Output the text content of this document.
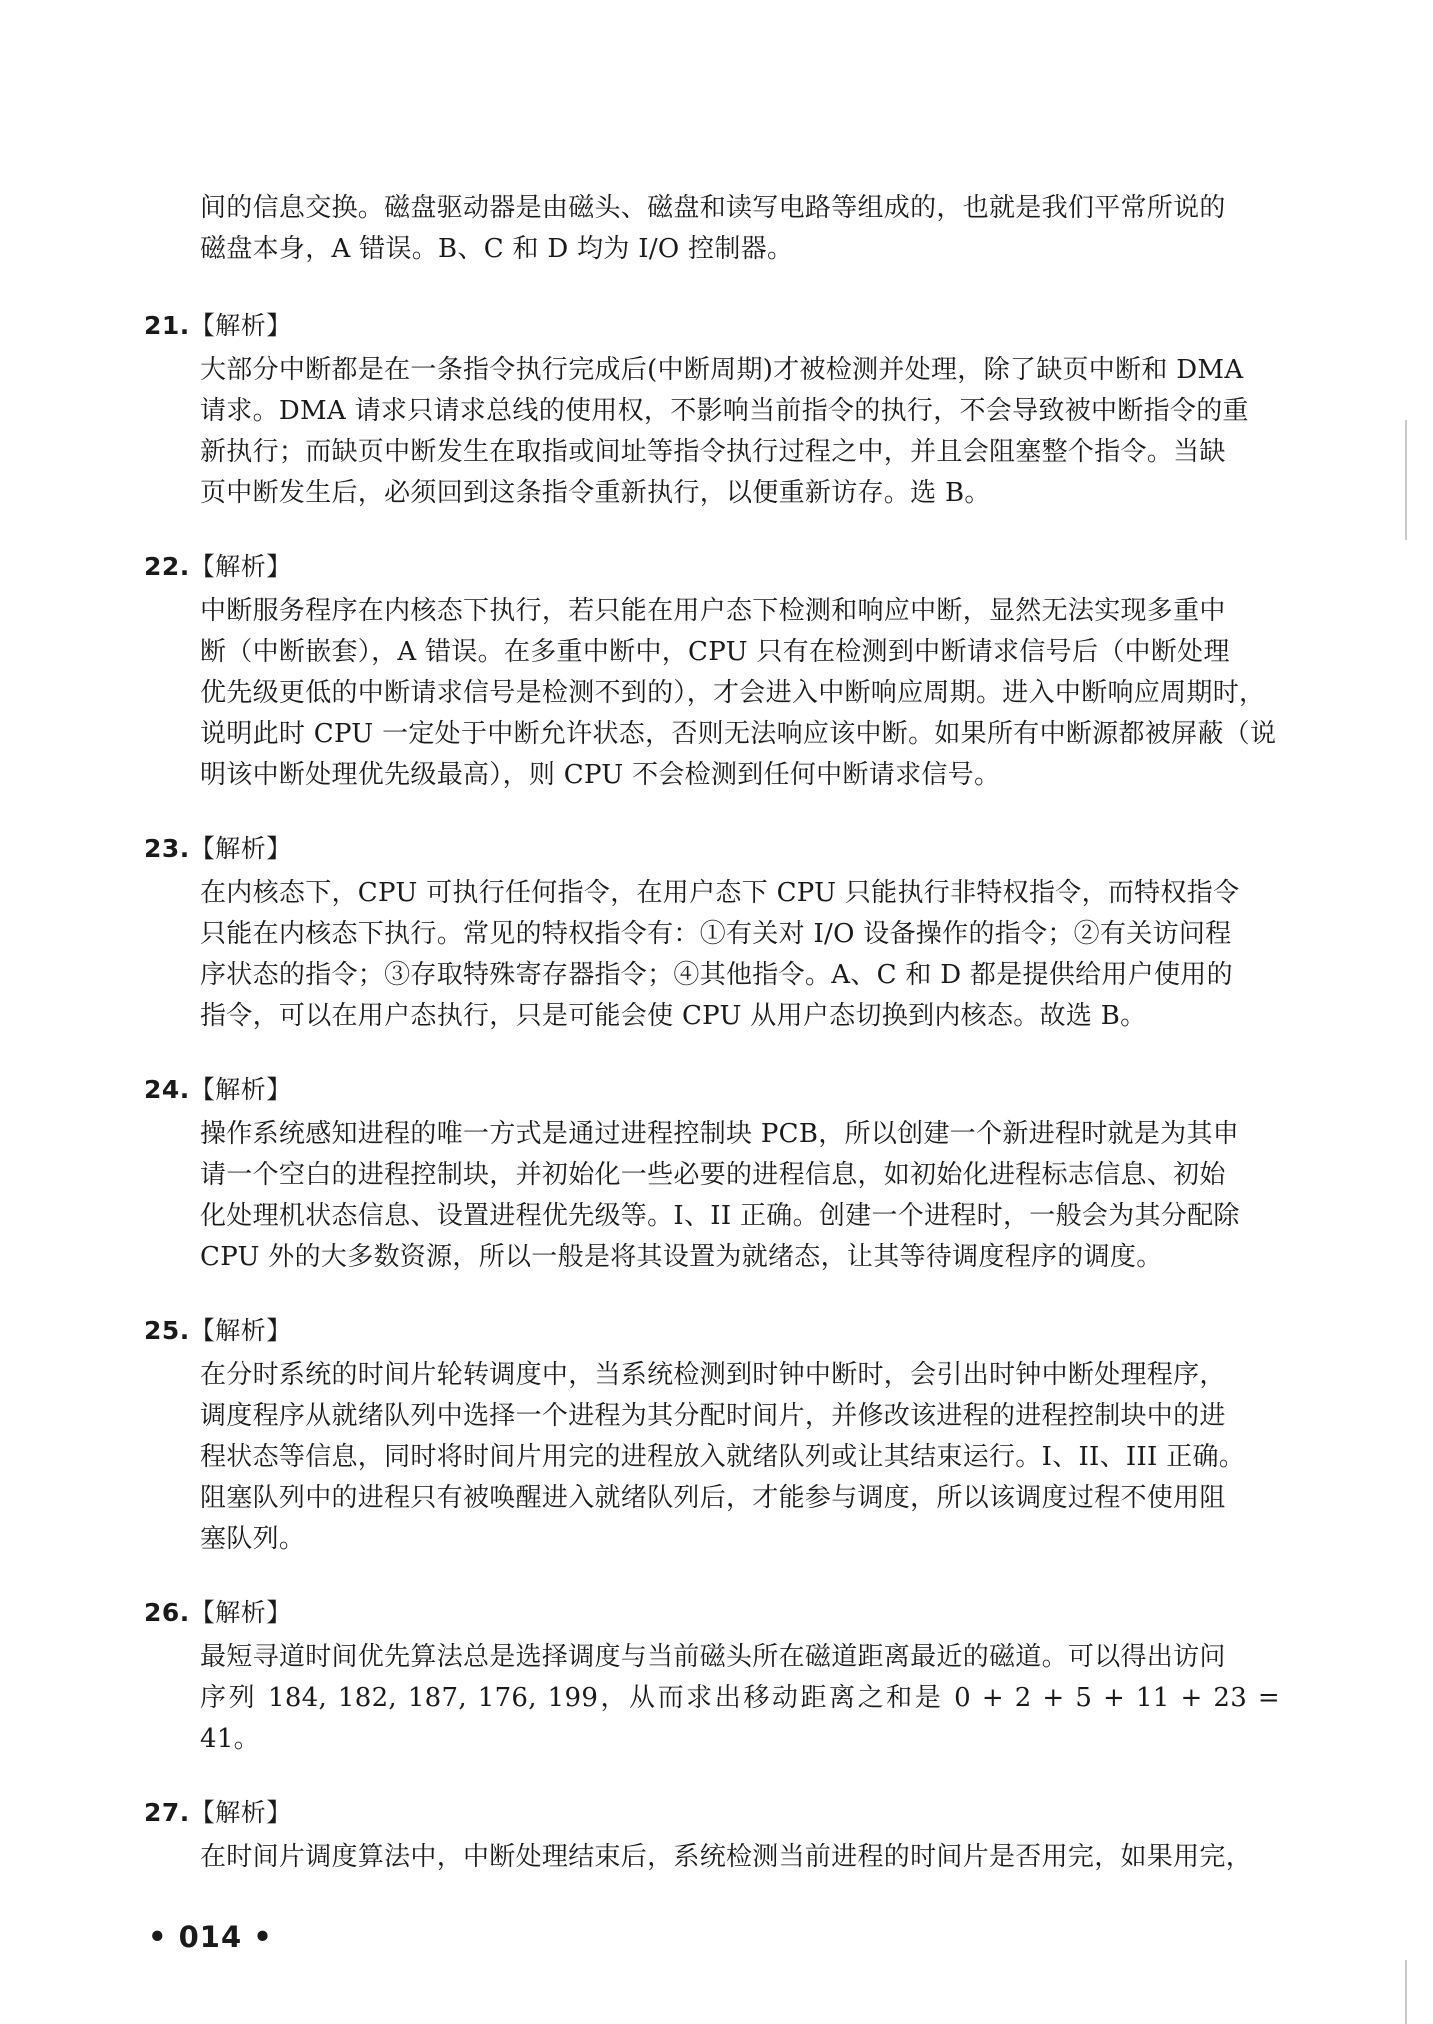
间的信息交换。磁盘驱动器是由磁头、磁盘和读写电路等组成的，也就是我们平常所说的

磁盘本身，A 错误。B、C 和 D 均为 I/O 控制器。

21.【解析】

大部分中断都是在一条指令执行完成后(中断周期)才被检测并处理，除了缺页中断和 DMA

请求。DMA 请求只请求总线的使用权，不影响当前指令的执行，不会导致被中断指令的重

新执行；而缺页中断发生在取指或间址等指令执行过程之中，并且会阻塞整个指令。当缺

页中断发生后，必须回到这条指令重新执行，以便重新访存。选 B。

22.【解析】

中断服务程序在内核态下执行，若只能在用户态下检测和响应中断，显然无法实现多重中

断（中断嵌套），A 错误。在多重中断中，CPU 只有在检测到中断请求信号后（中断处理

优先级更低的中断请求信号是检测不到的），才会进入中断响应周期。进入中断响应周期时，

说明此时 CPU 一定处于中断允许状态，否则无法响应该中断。如果所有中断源都被屏蔽（说

明该中断处理优先级最高），则 CPU 不会检测到任何中断请求信号。

23.【解析】

在内核态下，CPU 可执行任何指令，在用户态下 CPU 只能执行非特权指令，而特权指令

只能在内核态下执行。常见的特权指令有：①有关对 I/O 设备操作的指令；②有关访问程

序状态的指令；③存取特殊寄存器指令；④其他指令。A、C 和 D 都是提供给用户使用的

指令，可以在用户态执行，只是可能会使 CPU 从用户态切换到内核态。故选 B。

24.【解析】

操作系统感知进程的唯一方式是通过进程控制块 PCB，所以创建一个新进程时就是为其申

请一个空白的进程控制块，并初始化一些必要的进程信息，如初始化进程标志信息、初始

化处理机状态信息、设置进程优先级等。I、II 正确。创建一个进程时，一般会为其分配除

CPU 外的大多数资源，所以一般是将其设置为就绪态，让其等待调度程序的调度。

25.【解析】

在分时系统的时间片轮转调度中，当系统检测到时钟中断时，会引出时钟中断处理程序，

调度程序从就绪队列中选择一个进程为其分配时间片，并修改该进程的进程控制块中的进

程状态等信息，同时将时间片用完的进程放入就绪队列或让其结束运行。I、II、III 正确。

阻塞队列中的进程只有被唤醒进入就绪队列后，才能参与调度，所以该调度过程不使用阻

塞队列。

26.【解析】

最短寻道时间优先算法总是选择调度与当前磁头所在磁道距离最近的磁道。可以得出访问

序列 184, 182, 187, 176, 199，从而求出移动距离之和是 0 + 2 + 5 + 11 + 23 = 41。

27.【解析】

在时间片调度算法中，中断处理结束后，系统检测当前进程的时间片是否用完，如果用完，

• 014 •
